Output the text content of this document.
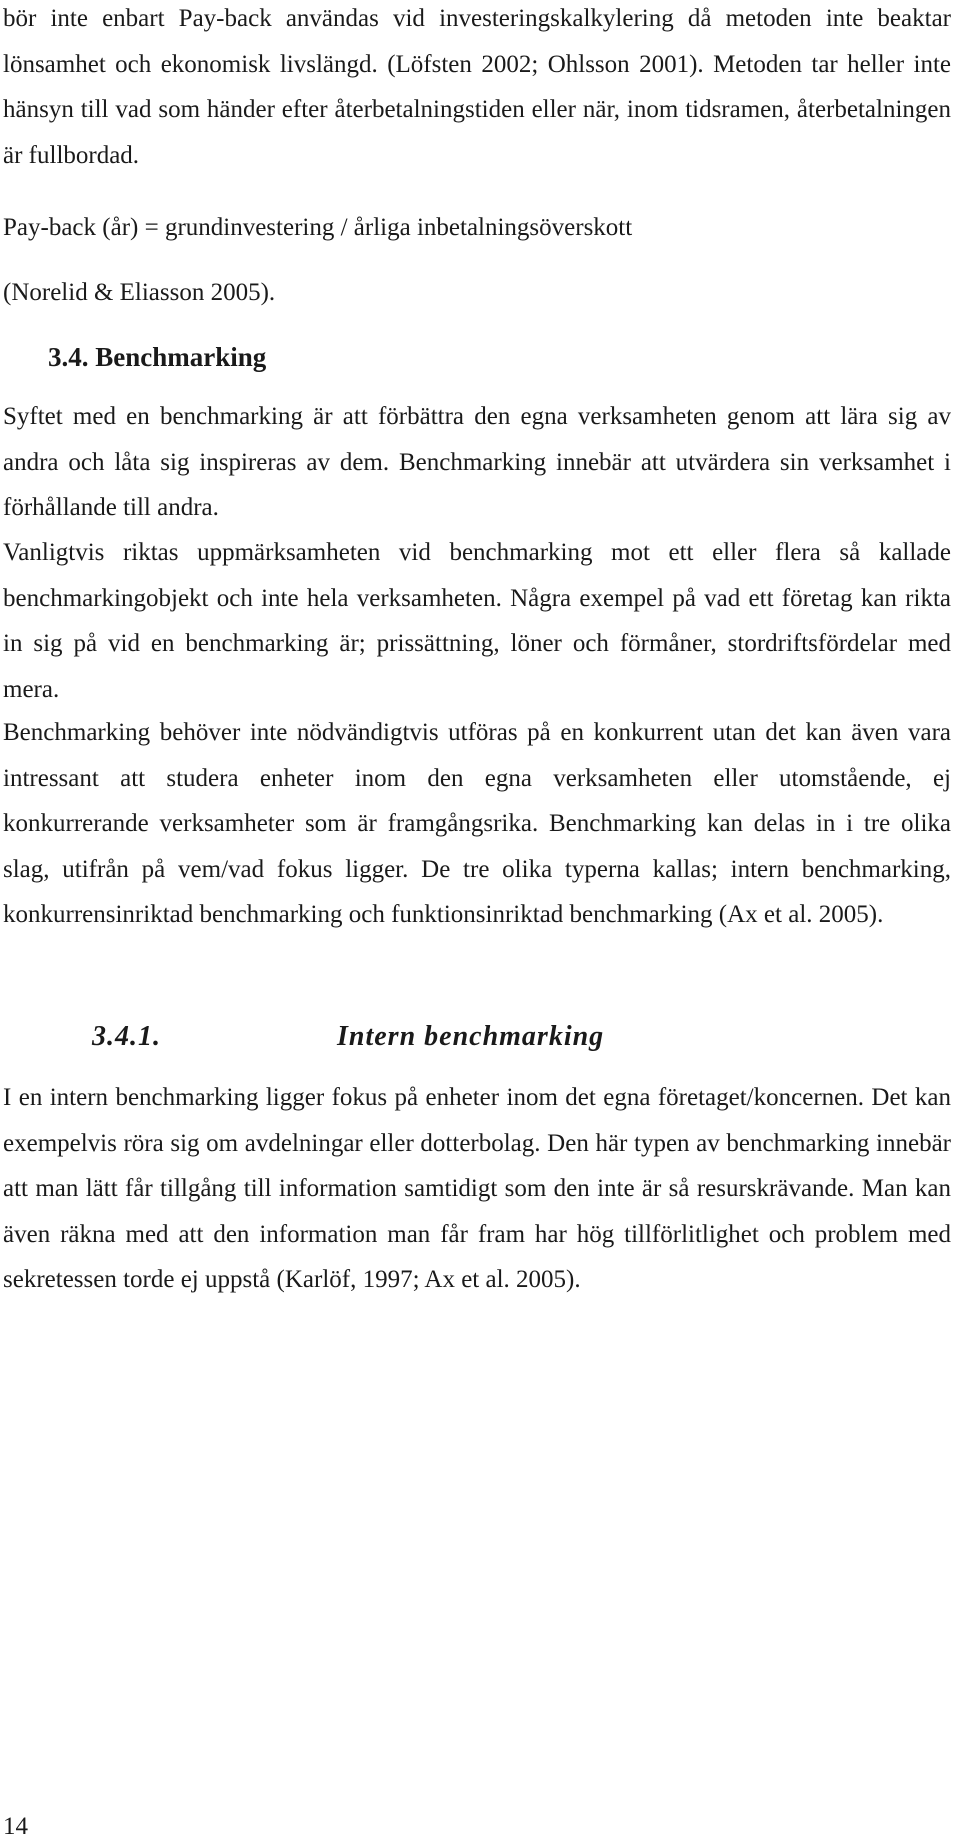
bör inte enbart Pay-back användas vid investeringskalkylering då metoden inte beaktar lönsamhet och ekonomisk livslängd. (Löfsten 2002; Ohlsson 2001). Metoden tar heller inte hänsyn till vad som händer efter återbetalningstiden eller när, inom tidsramen, återbetalningen är fullbordad.

Pay-back (år) = grundinvestering / årliga inbetalningsöverskott

(Norelid & Eliasson 2005).

3.4. Benchmarking

Syftet med en benchmarking är att förbättra den egna verksamheten genom att lära sig av andra och låta sig inspireras av dem. Benchmarking innebär att utvärdera sin verksamhet i förhållande till andra.

Vanligtvis riktas uppmärksamheten vid benchmarking mot ett eller flera så kallade benchmarkingobjekt och inte hela verksamheten. Några exempel på vad ett företag kan rikta in sig på vid en benchmarking är; prissättning, löner och förmåner, stordriftsfördelar med mera.

Benchmarking behöver inte nödvändigtvis utföras på en konkurrent utan det kan även vara intressant att studera enheter inom den egna verksamheten eller utomstående, ej konkurrerande verksamheter som är framgångsrika. Benchmarking kan delas in i tre olika slag, utifrån på vem/vad fokus ligger. De tre olika typerna kallas; intern benchmarking, konkurrensinriktad benchmarking och funktionsinriktad benchmarking (Ax et al. 2005).

3.4.1.	Intern benchmarking

I en intern benchmarking ligger fokus på enheter inom det egna företaget/koncernen. Det kan exempelvis röra sig om avdelningar eller dotterbolag. Den här typen av benchmarking innebär att man lätt får tillgång till information samtidigt som den inte är så resurskrävande. Man kan även räkna med att den information man får fram har hög tillförlitlighet och problem med sekretessen torde ej uppstå (Karlöf, 1997; Ax et al. 2005).

14
